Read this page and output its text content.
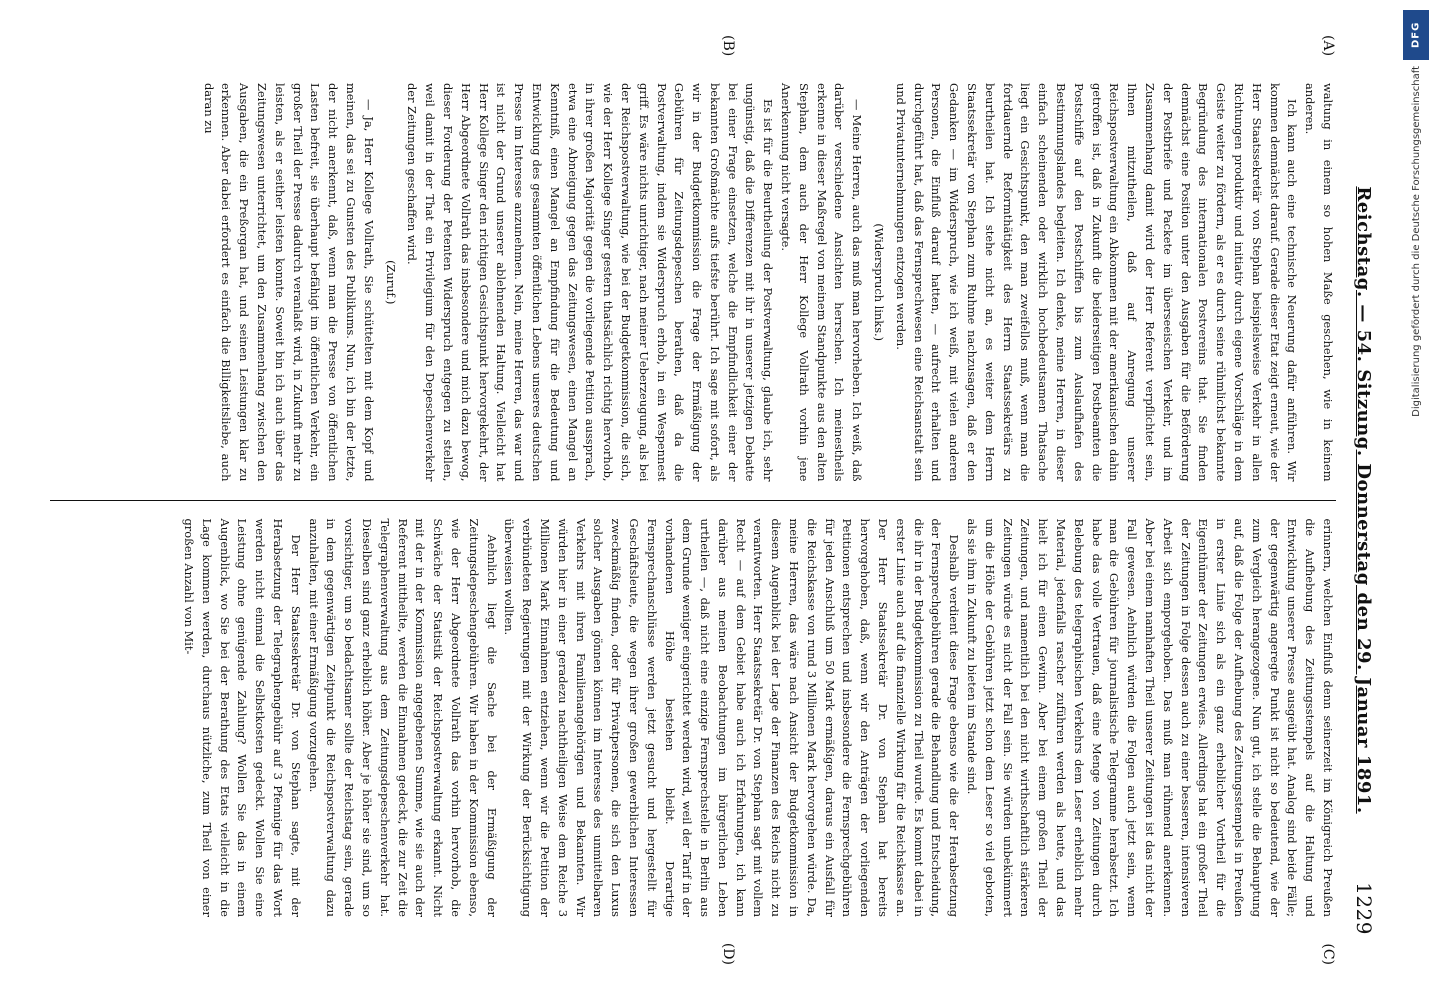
Reichstag. — 54. Sitzung. Donnerstag den 29. Januar 1891.
1229
(A)
(B)

waltung in einem so hohen Maße geschehen, wie in keinem anderen.

Ich kann auch eine technische Neuerung dafür anführen. Wir kommen demnächst darauf. Gerade dieser Etat zeigt erneut, wie der Herr Staatssekretär von Stephan beispielsweise Verkehr in allen Richtungen produktiv und initiativ durch eigene Vorschläge in dem Geiste weiter zu fördern, als er es durch seine rühmlichst bekannte Begründung des internationalen Postvereins that. Sie finden demnächst eine Position unter den Ausgaben für die Beförderung der Postbriefe und Packete im überseeischen Verkehr, und im Zusammenhang damit wird der Herr Referent verpflichtet sein, Ihnen mitzutheilen, daß auf Anregung unserer Reichspostverwaltung ein Abkommen mit der amerikanischen dahin getroffen ist, daß in Zukunft die beiderseitigen Postbeamten die Postschiffe auf den Postschiffen bis zum Auslaufhafen des Bestimmungslandes begleiten. Ich denke, meine Herren, in dieser einfach scheinenden oder wirklich hochbedeutsamen Thatsache liegt ein Gesichtspunkt, den man zweifellos muß, wenn man die fortdauernde Reformthätigkeit des Herrn Staatssekretärs zu beurtheilen hat. Ich stehe nicht an, es weiter dem Herrn Staatssekretär von Stephan zum Ruhme nachzusagen, daß er den Gedanken — im Widerspruch, wie ich weiß, mit vielen anderen Personen, die Einfluß darauf hatten, — aufrecht erhalten und durchgeführt hat, daß das Fernsprechwesen eine Reichsanstalt sein und Privatunternehmungen entzogen werden.

(Widerspruch links.)

— Meine Herren, auch das muß man hervorheben. Ich weiß, daß darüber verschiedene Ansichten herrschen. Ich meinestheils erkenne in dieser Maßregel von meinem Standpunkte aus den alten Stephan, dem auch der Herr Kollege Vollrath vorhin jene Anerkennung nicht versagte.

Es ist für die Beurtheilung der Postverwaltung, glaube ich, sehr ungünstig, daß die Differenzen mit ihr in unserer jetzigen Debatte bei einer Frage einsetzen, welche die Empfindlichkeit einer der bekannten Großmächte aufs tiefste berührt. Ich sage mit sofort, als wir in der Budgetkommission die Frage der Ermäßigung der Gebühren für Zeitungsdepeschen berathen, daß da die Postverwaltung, indem sie Widerspruch erhob, in ein Wespennest griff. Es wäre nichts unrichtiger, nach meiner Ueberzeugung, als bei der Reichspostverwaltung, wie bei der Budgetkommission, die sich, wie der Herr Kollege Singer gestern thatsächlich richtig hervorhob, in ihrer großen Majorität gegen die vorliegende Petition aussprach, etwa eine Abneigung gegen das Zeitungswesen, einen Mangel an Kenntniß, einen Mangel an Empfindung für die Bedeutung und Entwicklung des gesammten öffentlichen Lebens unseres deutschen Presse im Interesse anzunehmen. Nein, meine Herren, das war und ist nicht der Grund unserer ablehnenden Haltung. Vielleicht hat Herr Kollege Singer den richtigen Gesichtspunkt hervorgekehrt, der Herr Abgeordnete Vollrath das insbesondere und mich dazu bewog, dieser Forderung der Petenten Widerspruch entgegen zu stellen, weil damit in der That ein Privilegium für den Depeschenverkehr der Zeitungen geschaffen wird.

(Zuruf.)

— Ja, Herr Kollege Vollrath, Sie schüttelten mit dem Kopf und meinen, das sei zu Gunsten des Publikums. Nun, ich bin der letzte, der nicht anerkennt, daß, wenn man die Presse von öffentlichen Lasten befreit, sie überhaupt befähigt im öffentlichen Verkehr, ein großer Theil der Presse dadurch veranlaßt wird, in Zukunft mehr zu leisten, als er seither leisten konnte. Soweit bin ich auch über das Zeitungswesen unterrichtet, um den Zusammenhang zwischen den Ausgaben, die ein Preßorgan hat, und seinen Leistungen klar zu erkennen. Aber dabei erfordert es einfach die Billigkeitsliebe, auch daran zu

(C)
(D)

erinnern, welchen Einfluß denn seinerzeit im Königreich Preußen die Aufhebung des Zeitungsstempels auf die Haltung und Entwicklung unserer Presse ausgeübt hat. Analog sind beide Fälle; der gegenwärtig angeregte Punkt ist nicht so bedeutend, wie der zum Vergleich herangezogene. Nun gut, ich stelle die Behauptung auf, daß die Folge der Aufhebung des Zeitungsstempels in Preußen in erster Linie sich als ein ganz erheblicher Vortheil für die Eigenthümer der Zeitungen erwies. Allerdings hat ein großer Theil der Zeitungen in Folge dessen auch zu einer besseren, intensiveren Arbeit sich emporgehoben. Das muß man rühmend anerkennen. Aber bei einem namhaften Theil unserer Zeitungen ist das nicht der Fall gewesen. Aehnlich würden die Folgen auch jetzt sein, wenn man die Gebühren für journalistische Telegramme herabsetzt. Ich habe das volle Vertrauen, daß eine Menge von Zeitungen durch Belebung des telegraphischen Verkehrs dem Leser erheblich mehr Material, jedenfalls rascher zuführen werden als heute, und das hielt ich für einen Gewinn. Aber bei einem großen Theil der Zeitungen, und namentlich bei den nicht wirthschaftlich stärkeren Zeitungen würde es nicht der Fall sein. Sie würden unbekümmert um die Höhe der Gebühren jetzt schon dem Leser so viel geboten, als sie ihm in Zukunft zu bieten im Stande sind.

Deshalb verdient diese Frage ebenso wie die der Herabsetzung der Fernsprechgebühren gerade die Behandlung und Entscheidung, die ihr in der Budgetkommission zu Theil wurde. Es kommt dabei in erster Linie auch auf die finanzielle Wirkung für die Reichskasse an. Der Herr Staatssekretär Dr. von Stephan hat bereits hervorgehoben, daß, wenn wir den Anträgen der vorliegenden Petitionen entsprechen und insbesondere die Fernsprechgebühren für jeden Anschluß um 50 Mark ermäßigen, daraus ein Ausfall für die Reichskasse von rund 3 Millionen Mark hervorgehen würde. Da, meine Herren, das wäre nach Ansicht der Budgetkommission in diesem Augenblick bei der Lage der Finanzen des Reichs nicht zu verantworten. Herr Staatssekretär Dr. von Stephan sagt mit vollem Recht — auf dem Gebiet habe auch ich Erfahrungen, ich kann darüber aus meinen Beobachtungen im bürgerlichen Leben urtheilen —, daß nicht eine einzige Fernsprechstelle in Berlin aus dem Grunde weniger eingerichtet werden wird, weil der Tarif in der vorhandenen Höhe bestehen bleibt. Derartige Fernsprechanschlüsse werden jetzt gesucht und hergestellt für Geschäftsleute, die wegen ihrer großen gewerblichen Interessen zweckmäßig finden, oder für Privatpersonen, die sich den Luxus solcher Ausgaben gönnen können im Interesse des unmittelbaren Verkehrs mit ihren Familienangehörigen und Bekannten. Wir würden hier in einer geradezu nachtheiligen Weise dem Reiche 3 Millionen Mark Einnahmen entziehen, wenn wir die Petition der verbündeten Regierungen mit der Wirkung der Berücksichtigung überweisen wollten.

Aehnlich liegt die Sache bei der Ermäßigung der Zeitungsdepeschengebühren. Wir haben in der Kommission ebenso, wie der Herr Abgeordnete Vollrath das vorhin hervorhob, die Schwäche der Statistik der Reichspostverwaltung erkannt. Nicht mit der in der Kommission angegebenen Summe, wie sie auch der Referent mittheilte, werden die Einnahmen gedeckt, die zur Zeit die Telegraphenverwaltung aus dem Zeitungsdepeschenverkehr hat. Dieselben sind ganz erheblich höher. Aber je höher sie sind, um so vorsichtiger, um so bedachtsamer sollte der Reichstag sein, gerade in dem gegenwärtigen Zeitpunkt die Reichspostverwaltung dazu anzuhalten, mit einer Ermäßigung vorzugehen.

Der Herr Staatssekretär Dr. von Stephan sagte, mit der Herabsetzung der Telegraphengebühr auf 3 Pfennige für das Wort werden nicht einmal die Selbstkosten gedeckt. Wollen Sie eine Leistung ohne genügende Zahlung? Wollen Sie das in einem Augenblick, wo Sie bei der Berathung des Etats vielleicht in die Lage kommen werden, durchaus nützliche, zum Theil von einer großen Anzahl von Mit-

DFG
Digitalisierung gefördert durch die Deutsche Forschungsgemeinschaft
